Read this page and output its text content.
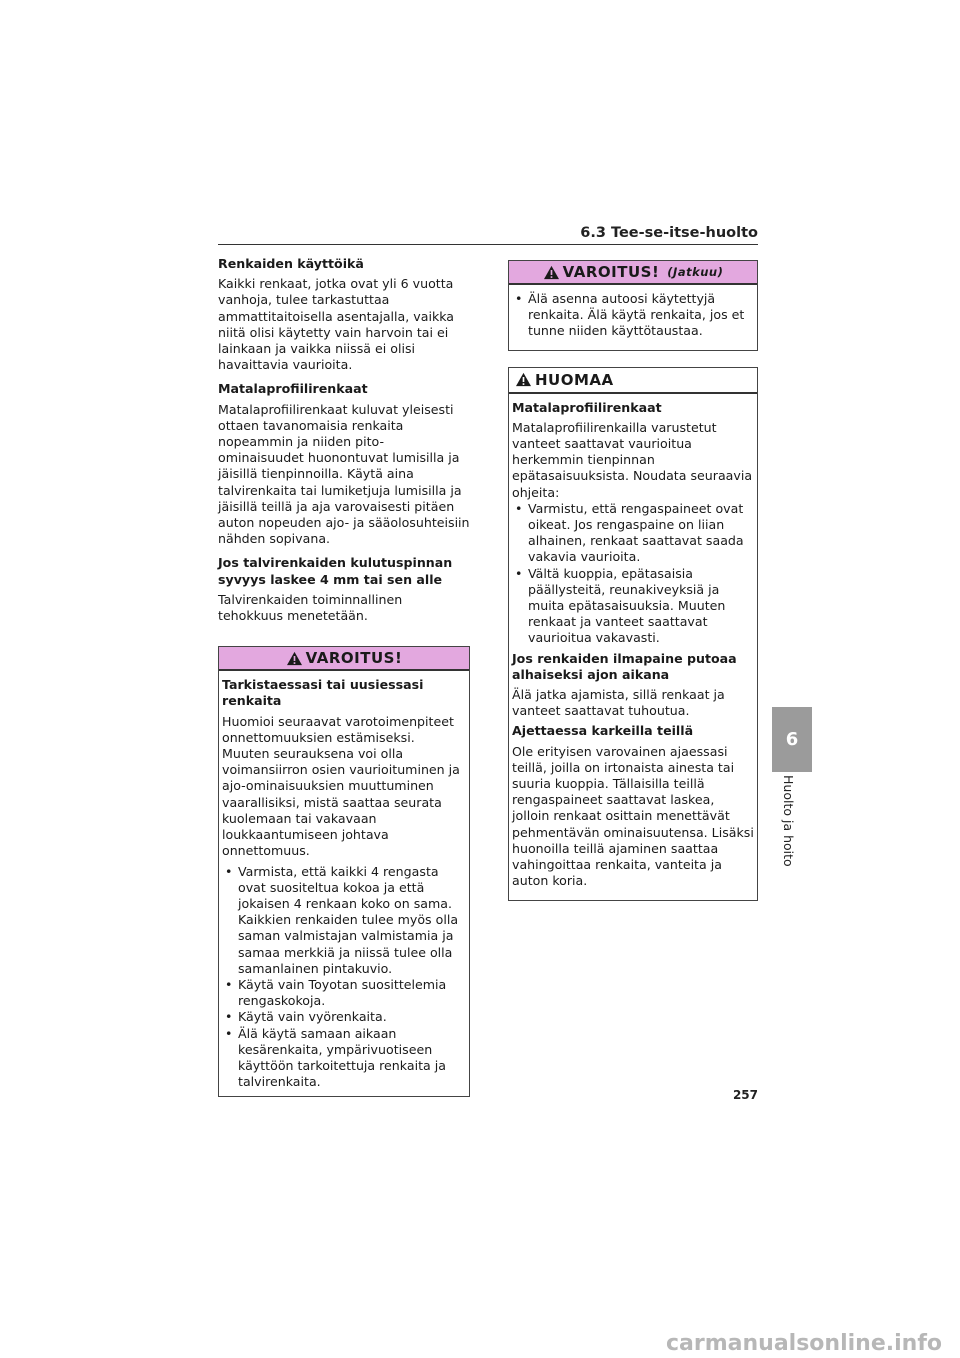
6.3 Tee-se-itse-huolto
Renkaiden käyttöikä

Kaikki renkaat, jotka ovat yli 6 vuotta vanhoja, tulee tarkastuttaa ammattitaitoisella asentajalla, vaikka niitä olisi käytetty vain harvoin tai ei lainkaan ja vaikka niissä ei olisi havaittavia vaurioita.

Matalaprofiilirenkaat

Matalaprofiilirenkaat kuluvat yleisesti ottaen tavanomaisia renkaita nopeammin ja niiden pito-ominaisuudet huonontuvat lumisilla ja jäisillä tienpinnoilla. Käytä aina talvirenkaita tai lumiketjuja lumisilla ja jäisillä teillä ja aja varovaisesti pitäen auton nopeuden ajo- ja sääolosuhteisiin nähden sopivana.

Jos talvirenkaiden kulutuspinnan syvyys laskee 4 mm tai sen alle

Talvirenkaiden toiminnallinen tehokkuus menetetään.

VAROITUS!
Tarkistaessasi tai uusiessasi renkaita

Huomioi seuraavat varotoimenpiteet onnettomuuksien estämiseksi. Muuten seurauksena voi olla voimansiirron osien vaurioituminen ja ajo-ominaisuuksien muuttuminen vaarallisiksi, mistä saattaa seurata kuolemaan tai vakavaan loukkaantumiseen johtava onnettomuus.

• Varmista, että kaikki 4 rengasta ovat suositeltua kokoa ja että jokaisen 4 renkaan koko on sama. Kaikkien renkaiden tulee myös olla saman valmistajan valmistamia ja samaa merkkiä ja niissä tulee olla samanlainen pintakuvio.
• Käytä vain Toyotan suosittelemia rengaskokoja.
• Käytä vain vyörenkaita.
• Älä käytä samaan aikaan kesärenkaita, ympärivuotiseen käyttöön tarkoitettuja renkaita ja talvirenkaita.
VAROITUS! (Jatkuu)
• Älä asenna autoosi käytettyjä renkaita. Älä käytä renkaita, jos et tunne niiden käyttötaustaa.
HUOMAA
Matalaprofiilirenkaat

Matalaprofiilirenkailla varustetut vanteet saattavat vaurioitua herkemmin tienpinnan epätasaisuuksista. Noudata seuraavia ohjeita:

• Varmistu, että rengaspaineet ovat oikeat. Jos rengaspaine on liian alhainen, renkaat saattavat saada vakavia vaurioita.
• Vältä kuoppia, epätasaisia päällysteitä, reunakiveyksiä ja muita epätasaisuuksia. Muuten renkaat ja vanteet saattavat vaurioitua vakavasti.
Jos renkaiden ilmapaine putoaa alhaiseksi ajon aikana

Älä jatka ajamista, sillä renkaat ja vanteet saattavat tuhoutua.

Ajettaessa karkeilla teillä

Ole erityisen varovainen ajaessasi teillä, joilla on irtonaista ainesta tai suuria kuoppia. Tällaisilla teillä rengaspaineet saattavat laskea, jolloin renkaat osittain menettävät pehmentävän ominaisuutensa. Lisäksi huonoilla teillä ajaminen saattaa vahingoittaa renkaita, vanteita ja auton koria.

6
Huolto ja hoito
257
carmanualsonline.info
